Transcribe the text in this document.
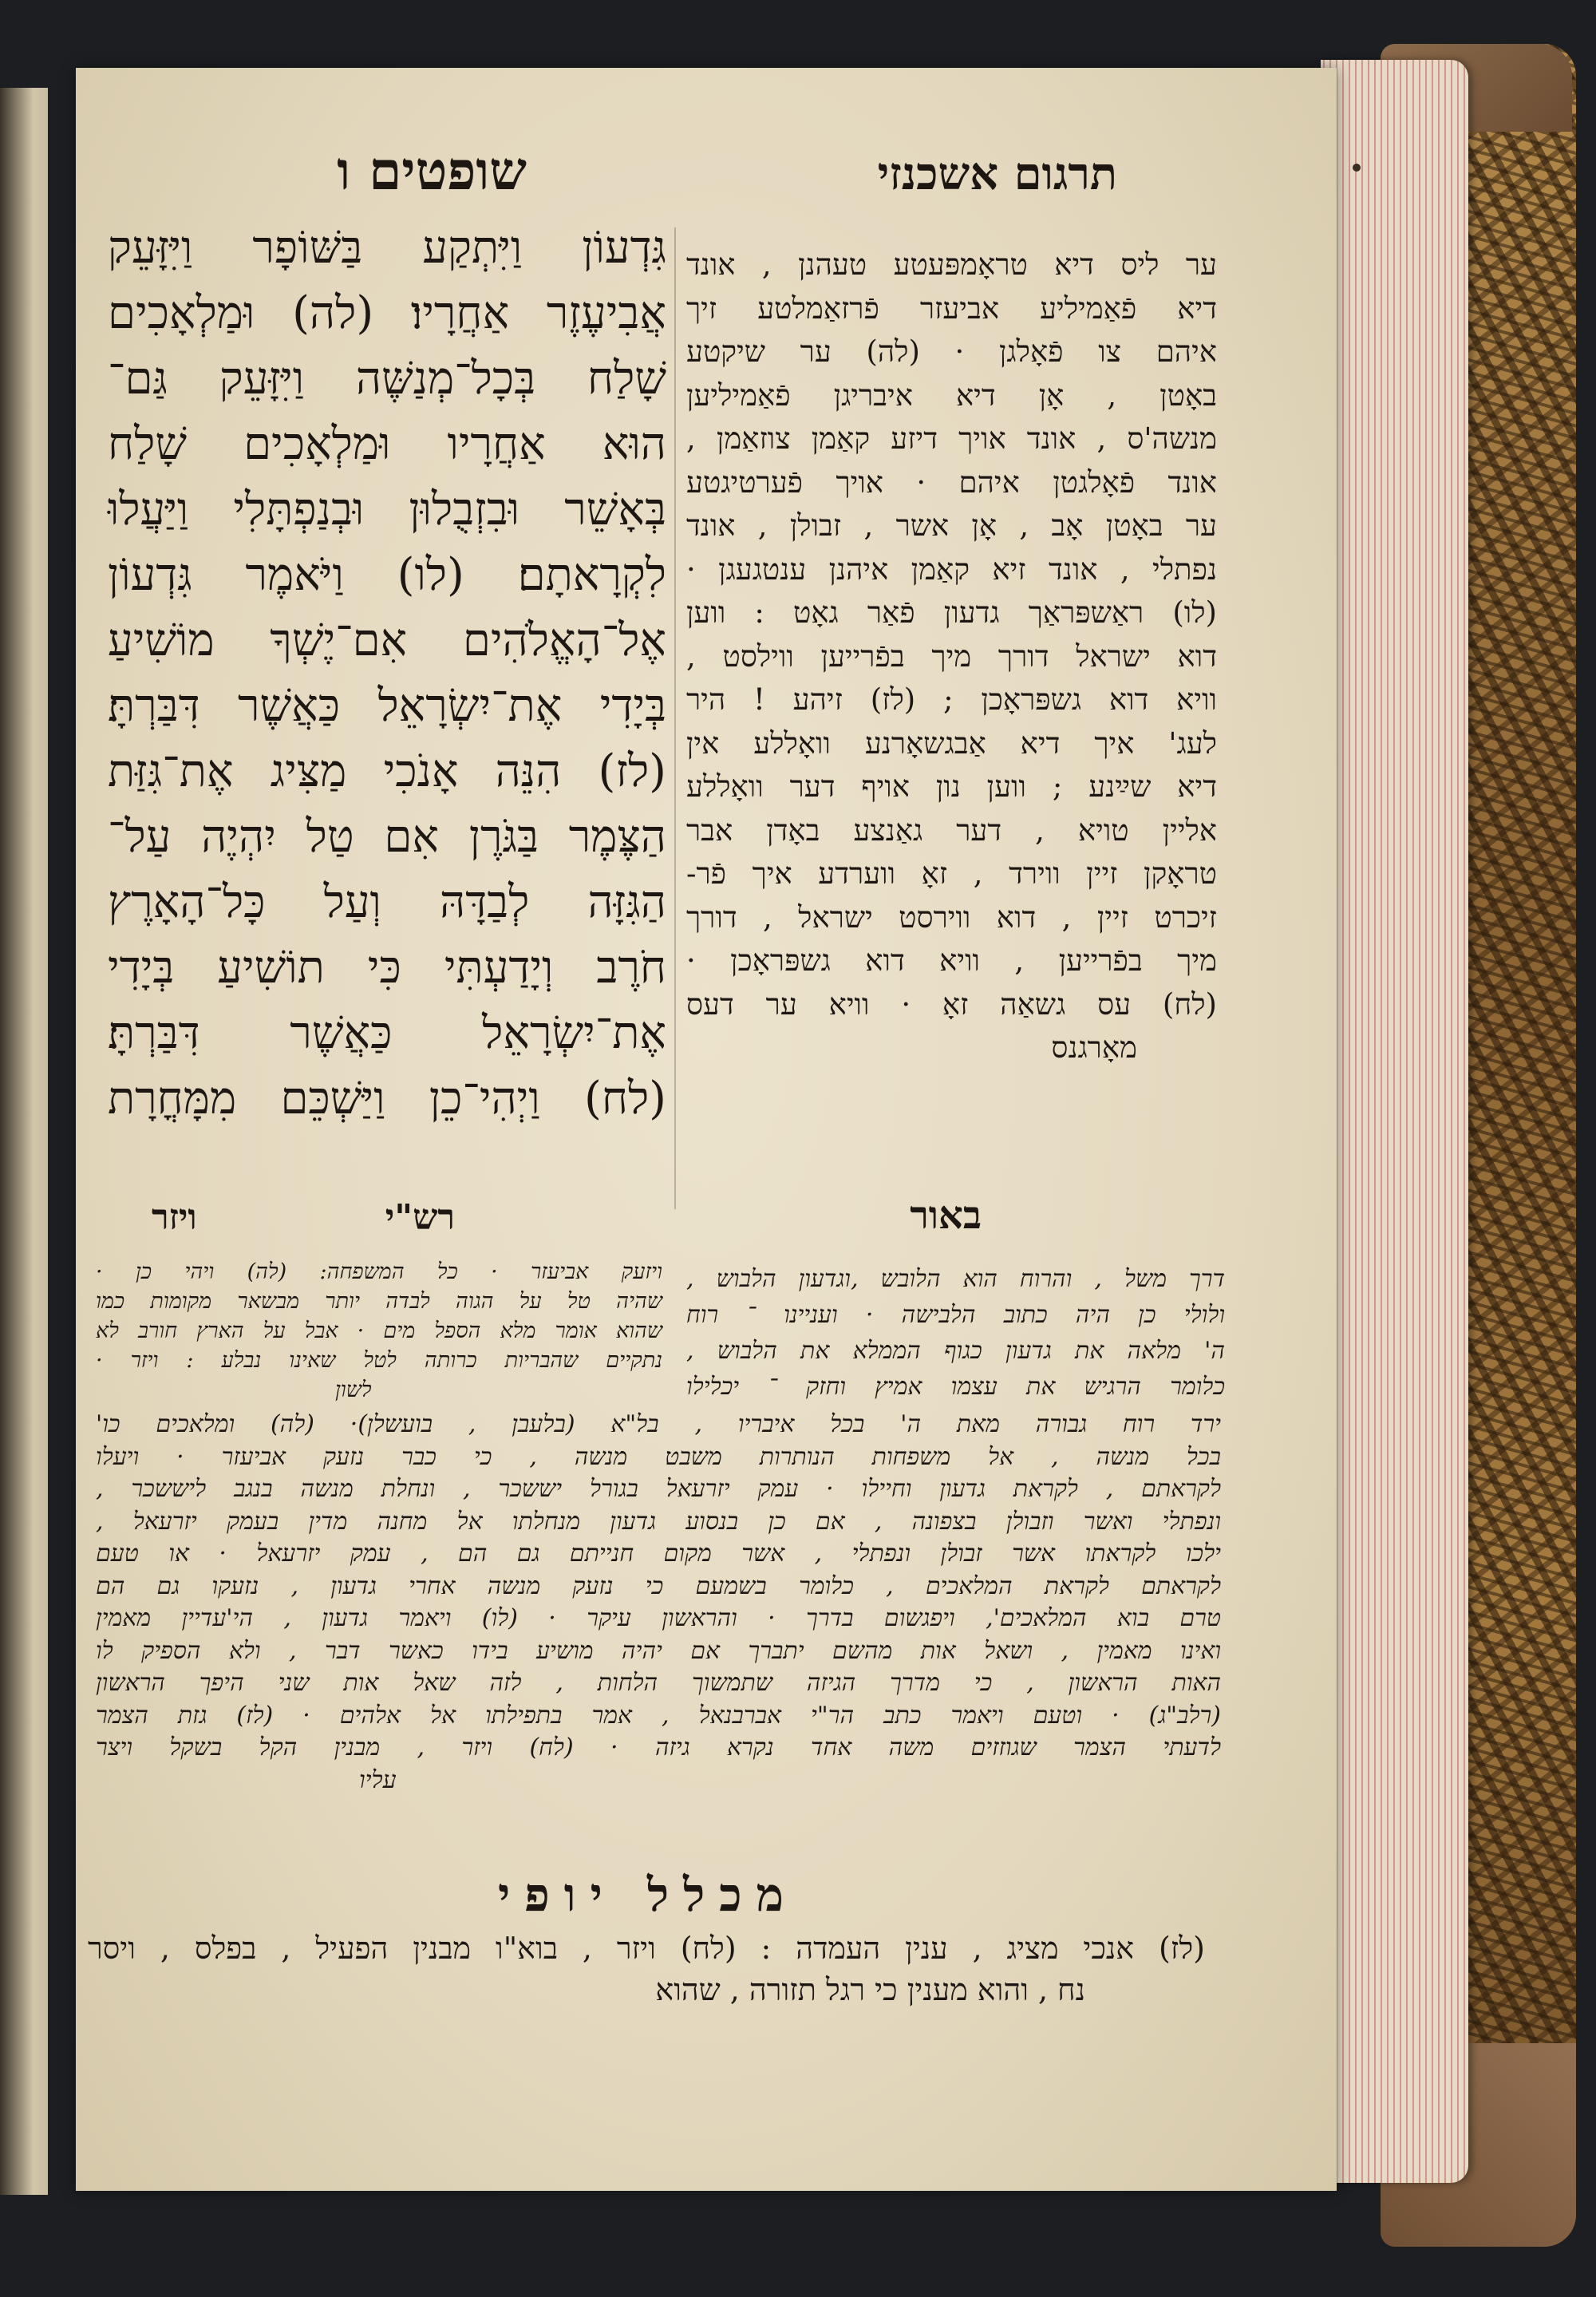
שופטים ו	תרגום אשכנזי
גִּדְעוֹן וַיִּתְקַע בַּשּׁוֹפָר וַיִּזָּעֵק
אֲבִיעֶזֶר אַחֲרָיו׃ (לה) וּמַלְאָכִים
שָׁלַח בְּכָל־מְנַשֶּׁה וַיִּזָּעֵק גַּם־
הוּא אַחֲרָיו וּמַלְאָכִים שָׁלַח
בְּאָשֵׁר וּבִזְבֻלוּן וּבְנַפְתָּלִי וַיַּעֲלוּ
לִקְרָאתָם׃ (לו) וַיֹּאמֶר גִּדְעוֹן
אֶל־הָאֱלֹהִים אִם־יֶשְׁךָ מוֹשִׁיעַ
בְּיָדִי אֶת־יִשְׂרָאֵל כַּאֲשֶׁר דִּבַּרְתָּ׃
(לז) הִנֵּה אָנֹכִי מַצִּיג אֶת־גִּזַּת
הַצֶּמֶר בַּגֹּרֶן אִם טַל יִהְיֶה עַל־
הַגִּזָּה לְבַדָּהּ וְעַל כָּל־הָאָרֶץ
חֹרֶב וְיָדַעְתִּי כִּי תוֹשִׁיעַ בְּיָדִי
אֶת־יִשְׂרָאֵל כַּאֲשֶׁר דִּבַּרְתָּ׃
(לח) וַיְהִי־כֵן וַיַּשְׁכֵּם מִמָּחֳרָת
ער ליס דיא טראָמפּעטע טעהנן , אונד
דיא פֿאַמיליע אביעזר פֿרזאַמלטע זיך
איהם צו פֿאָלגן · (לה) ער שיקטע
באָטן , אָן דיא איבריגן פֿאַמיליען
מנשה'ס , אונד אויך דיזע קאַמן צוזאַמן ,
אונד פֿאָלגטן איהם · אויך פֿערטיגטע
ער באָטן אָב , אָן אשר , זבולן , אונד
נפתלי , אונד זיא קאַמן איהנן ענטגעגן ·
(לו) ראַשפּראַך גדעון פֿאַר גאָט : ווען
דוא ישראל דורך מיך בפֿרייען ווילסט ,
וויא דוא גשפּראָכן ; (לז) זיהע ! היר
לעג' איך דיא אַבגשאָרנע וואָללע אין
דיא שײַנע ; ווען נון אויף דער וואָללע
אליין טויא , דער גאַנצע באָדן אבר
טראָקן זיין ווירד , זאָ ווערדע איך פֿר-
זיכרט זיין , דוא ווירסט ישראל , דורך
מיך בפֿרייען , וויא דוא גשפּראָכן ·
(לח) עס גשאַה זאָ · וויא ער דעס
מאָרגנס
רש"י ויזר	באור
ויזעק אביעזר · כל המשפחה: (לה) ויהי כן ·
שהיה טל על הגוה לבדה יותר מבשאר מקומות כמו
שהוא אומר מלא הספל מים · אבל על הארץ חורב לא
נתקיים שהבריות כרותה לטל שאינו נבלע : ויזר ·
לשון
דרך משל , והרוח הוא הלובש ,וגדעון הלבוש ,
ולולי כן היה כתוב הלבישה · ועניינו ־ רוח
ה' מלאה את גדעון כגוף הממלא את הלבוש ,
כלומר הרגיש את עצמו אמיץ וחזק ־ יכלילו
ירד רוח גבורה מאת ה' בכל איבריו , בל"א (בלעבן , בועשלן)· (לה) ומלאכים כו'
בכל מנשה , אל משפחות הנותרות משבט מנשה , כי כבר נזעק אביעזר · ויעלו
לקראתם , לקראת גדעון וחיילו · עמק יזרעאל בגורל יששכר , ונחלת מנשה בנגב ליששכר ,
ונפתלי ואשר וזבולן בצפונה , אם כן בנסוע גדעון מנחלתו אל מחנה מדין בעמק יזרעאל ,
ילכו לקראתו אשר זבולן ונפתלי , אשר מקום חנייתם גם הם , עמק יזרעאל · או טעם
לקראתם לקראת המלאכים , כלומר בשמעם כי נזעק מנשה אחרי גדעון , נזעקו גם הם
טרם בוא המלאכים', ויפגשום בדרך · והראשון עיקר · (לו) ויאמר גדעון , הי'עדיין מאמין
ואינו מאמין , ושאל אות מהשם יתברך אם יהיה מושיע בידו כאשר דבר , ולא הספיק לו
האות הראשון , כי מדרך הגיזה שתמשוך הלחות , לזה שאל אות שני היפך הראשון
(רלב"ג) · וטעם ויאמר כתב הר"י אברבנאל , אמר בתפילתו אל אלהים · (לז) גזת הצמר
לדעתי הצמר שגוזזים משה אחד נקרא גיזה · (לח) ויזר , מבנין הקל בשקל ויצר
עליו
מכלל יופי
(לז) אנכי מציג , ענין העמדה : (לח) ויזר , בוא"ו מבנין הפעיל , בפלס , ויסר
נח , והוא מענין כי רגל תזורה , שהוא
